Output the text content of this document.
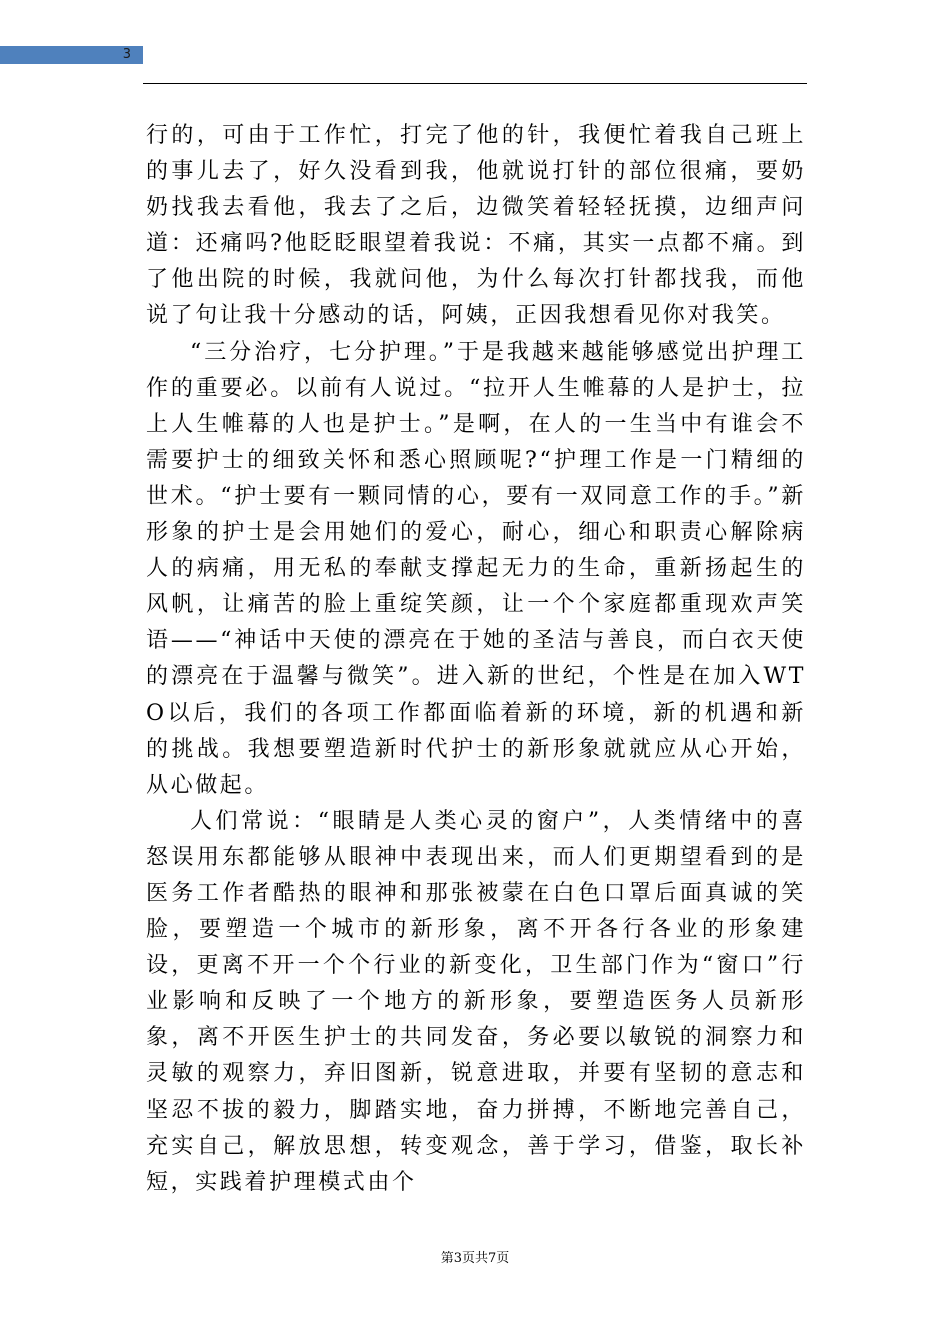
3

行的，可由于工作忙，打完了他的针，我便忙着我自己班上的事儿去了，好久没看到我，他就说打针的部位很痛，要奶奶找我去看他，我去了之后，边微笑着轻轻抚摸，边细声问道：还痛吗?他眨眨眼望着我说：不痛，其实一点都不痛。到了他出院的时候，我就问他，为什么每次打针都找我，而他说了句让我十分感动的话，阿姨，正因我想看见你对我笑。

“三分治疗，七分护理。”于是我越来越能够感觉出护理工作的重要必。以前有人说过。“拉开人生帷幕的人是护士，拉上人生帷幕的人也是护士。”是啊，在人的一生当中有谁会不需要护士的细致关怀和悉心照顾呢?“护理工作是一门精细的世术。“护士要有一颗同情的心，要有一双同意工作的手。”新形象的护士是会用她们的爱心，耐心，细心和职责心解除病人的病痛，用无私的奉献支撑起无力的生命，重新扬起生的风帆，让痛苦的脸上重绽笑颜，让一个个家庭都重现欢声笑语——“神话中天使的漂亮在于她的圣洁与善良，而白衣天使的漂亮在于温馨与微笑”。进入新的世纪，个性是在加入WTO以后，我们的各项工作都面临着新的环境，新的机遇和新的挑战。我想要塑造新时代护士的新形象就就应从心开始，从心做起。

人们常说：“眼睛是人类心灵的窗户”，人类情绪中的喜怒误用东都能够从眼神中表现出来，而人们更期望看到的是医务工作者酷热的眼神和那张被蒙在白色口罩后面真诚的笑脸，要塑造一个城市的新形象，离不开各行各业的形象建设，更离不开一个个行业的新变化，卫生部门作为“窗口”行业影响和反映了一个地方的新形象，要塑造医务人员新形象，离不开医生护士的共同发奋，务必要以敏锐的洞察力和灵敏的观察力，弃旧图新，锐意进取，并要有坚韧的意志和坚忍不拔的毅力，脚踏实地，奋力拼搏，不断地完善自己，充实自己，解放思想，转变观念，善于学习，借鉴，取长补短，实践着护理模式由个

第3页共7页
